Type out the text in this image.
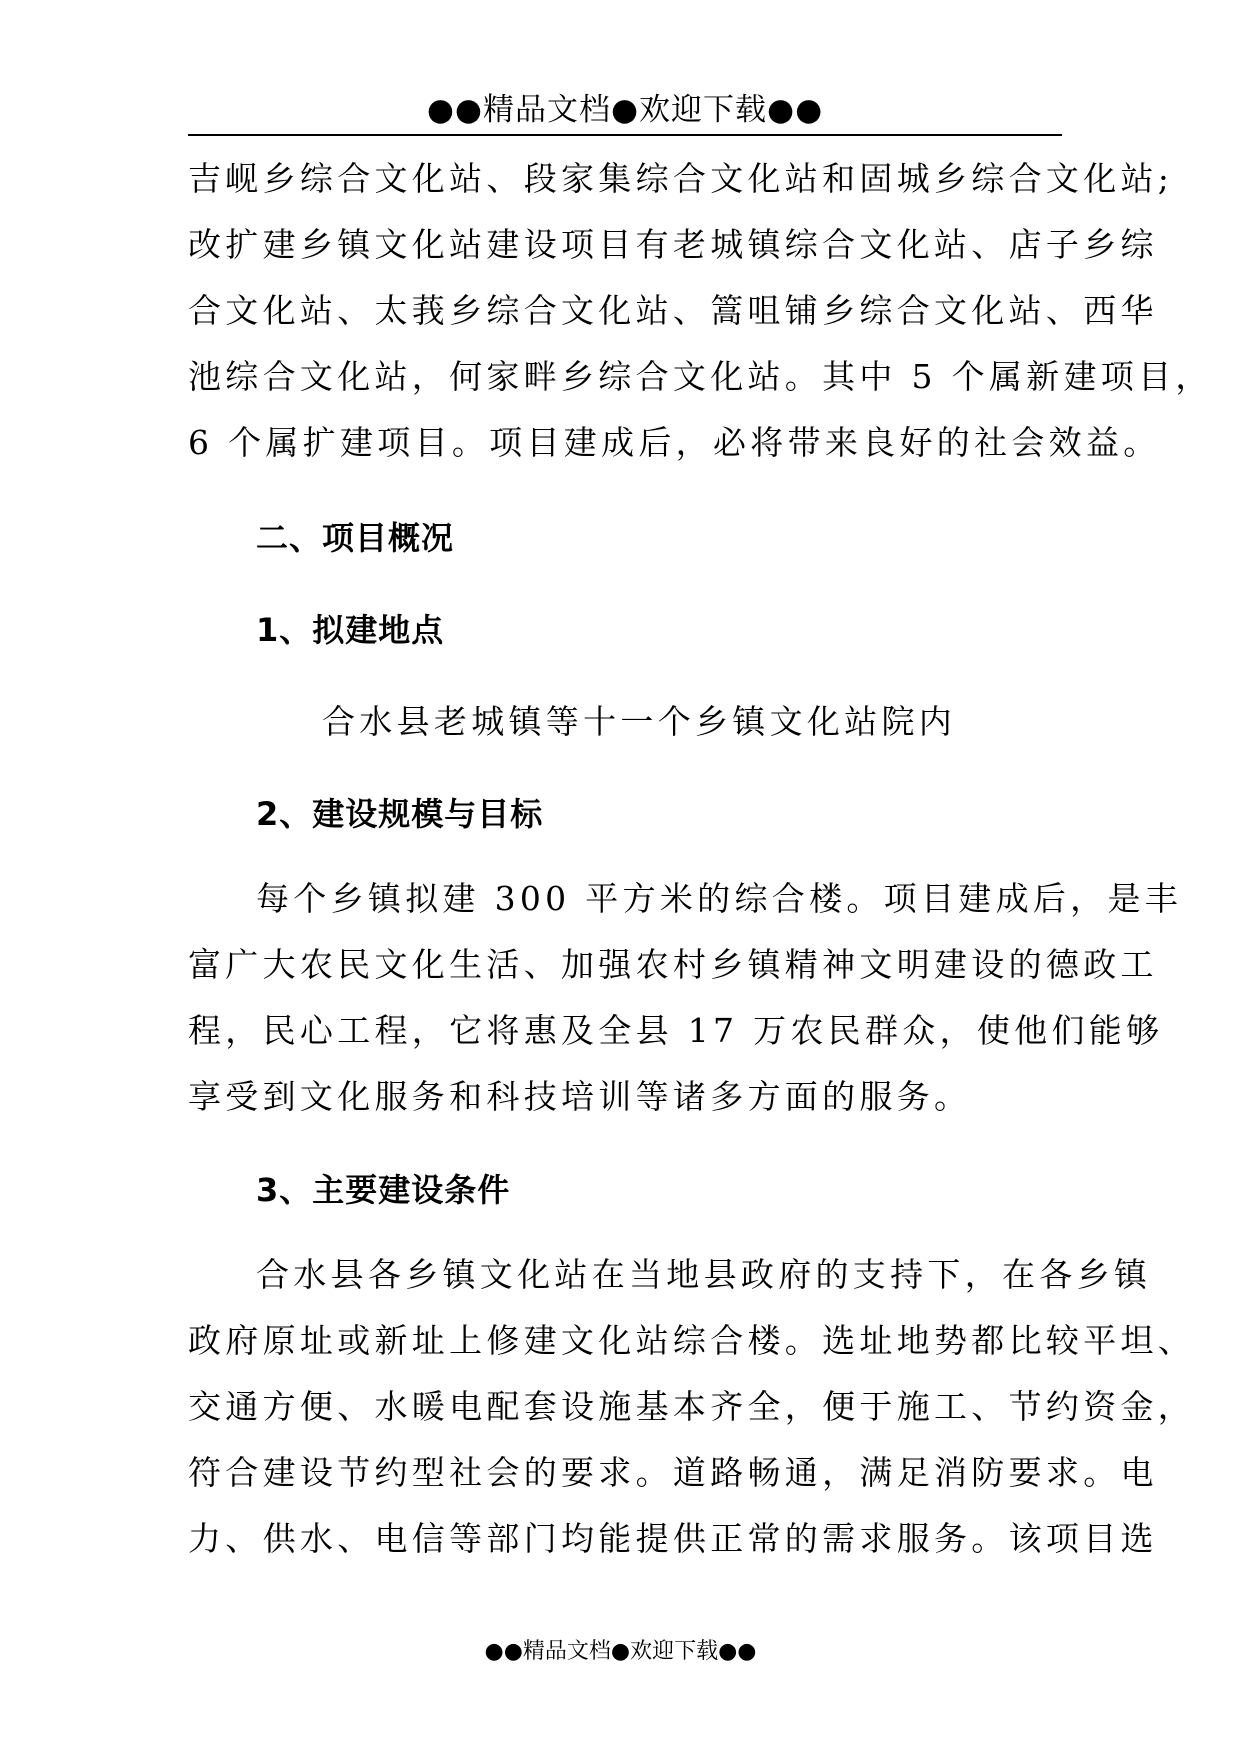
●●精品文档●欢迎下载●●
吉岘乡综合文化站、段家集综合文化站和固城乡综合文化站;
改扩建乡镇文化站建设项目有老城镇综合文化站、店子乡综
合文化站、太莪乡综合文化站、篙咀铺乡综合文化站、西华
池综合文化站，何家畔乡综合文化站。其中 5 个属新建项目，
6 个属扩建项目。项目建成后，必将带来良好的社会效益。
二、项目概况
1、拟建地点
合水县老城镇等十一个乡镇文化站院内
2、建设规模与目标
每个乡镇拟建 300 平方米的综合楼。项目建成后，是丰
富广大农民文化生活、加强农村乡镇精神文明建设的德政工
程，民心工程，它将惠及全县 17 万农民群众，使他们能够
享受到文化服务和科技培训等诸多方面的服务。
3、主要建设条件
合水县各乡镇文化站在当地县政府的支持下，在各乡镇
政府原址或新址上修建文化站综合楼。选址地势都比较平坦、
交通方便、水暖电配套设施基本齐全，便于施工、节约资金，
符合建设节约型社会的要求。道路畅通，满足消防要求。电
力、供水、电信等部门均能提供正常的需求服务。该项目选
●●精品文档●欢迎下载●●
